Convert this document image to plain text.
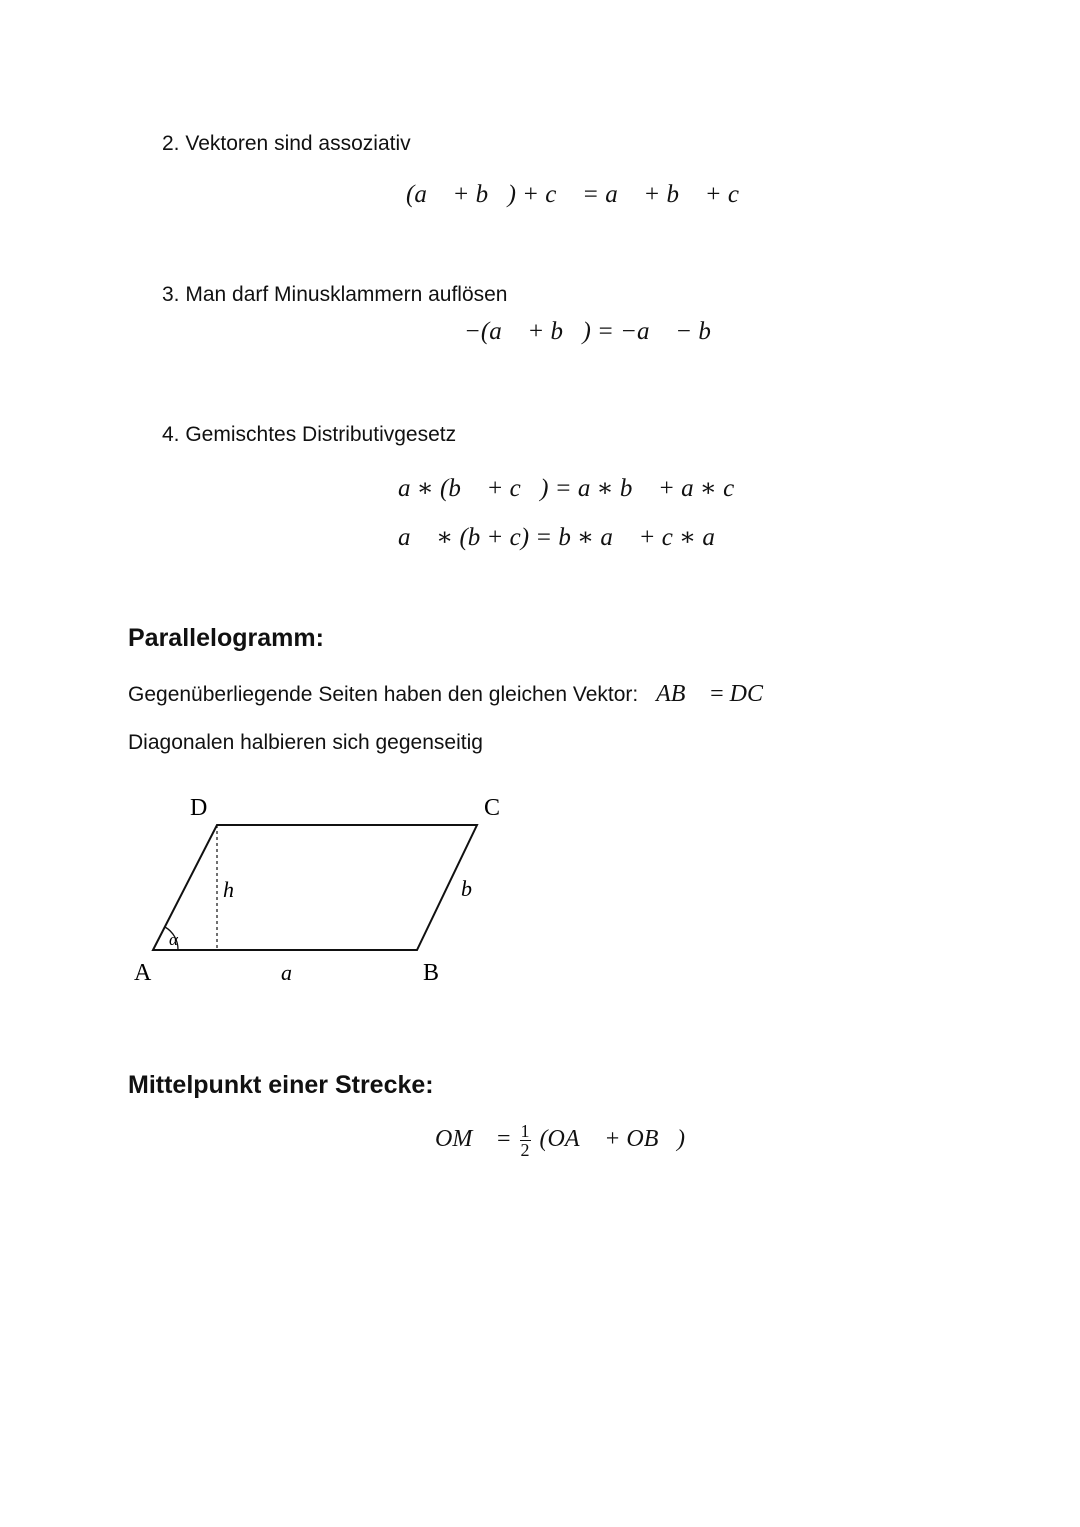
2. Vektoren sind assoziativ
(a⃗ + b⃗) + c⃗ = a⃗ + b⃗ + c⃗
3. Man darf Minusklammern auflösen
−(a⃗ + b⃗) = −a⃗ − b⃗
4. Gemischtes Distributivgesetz
a ∗ (b⃗ + c⃗) = a ∗ b⃗ + a ∗ c⃗
a⃗ ∗ (b + c) = b ∗ a⃗ + c ∗ a⃗
Parallelogramm:
Gegenüberliegende Seiten haben den gleichen Vektor: AB⃗ = DC⃗
Diagonalen halbieren sich gegenseitig
A	B
C
D
a
b
h
α
Mittelpunkt einer Strecke:
OM⃗ = $\frac{1}{2}$ (OA⃗ + OB⃗)
